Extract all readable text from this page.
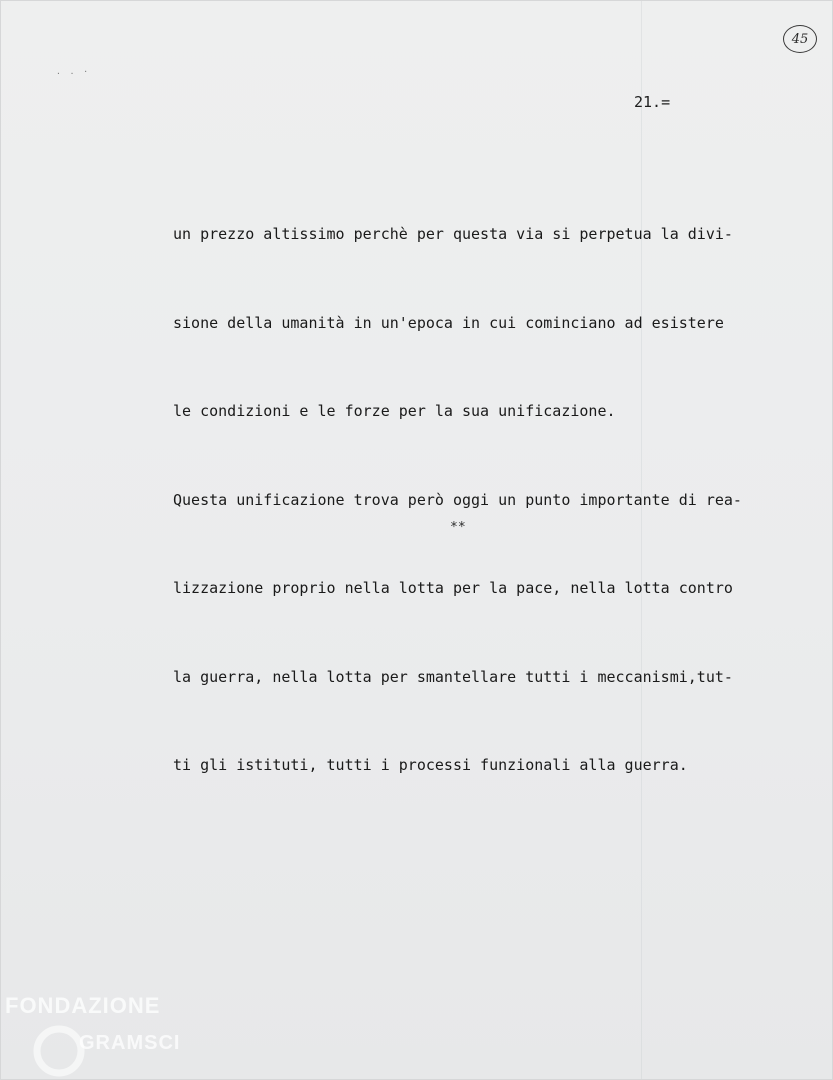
. . ·
45
21.=

un prezzo altissimo perchè per questa via si perpetua la divi-

sione della umanità in un'epoca in cui cominciano ad esistere

le condizioni e le forze per la sua unificazione.

Questa unificazione trova però oggi un punto importante di rea-

lizzazione proprio nella lotta per la pace, nella lotta contro

la guerra, nella lotta per smantellare tutti i meccanismi,tut-

ti gli istituti, tutti i processi funzionali alla guerra.

**
FONDAZIONE
GRAMSCI
